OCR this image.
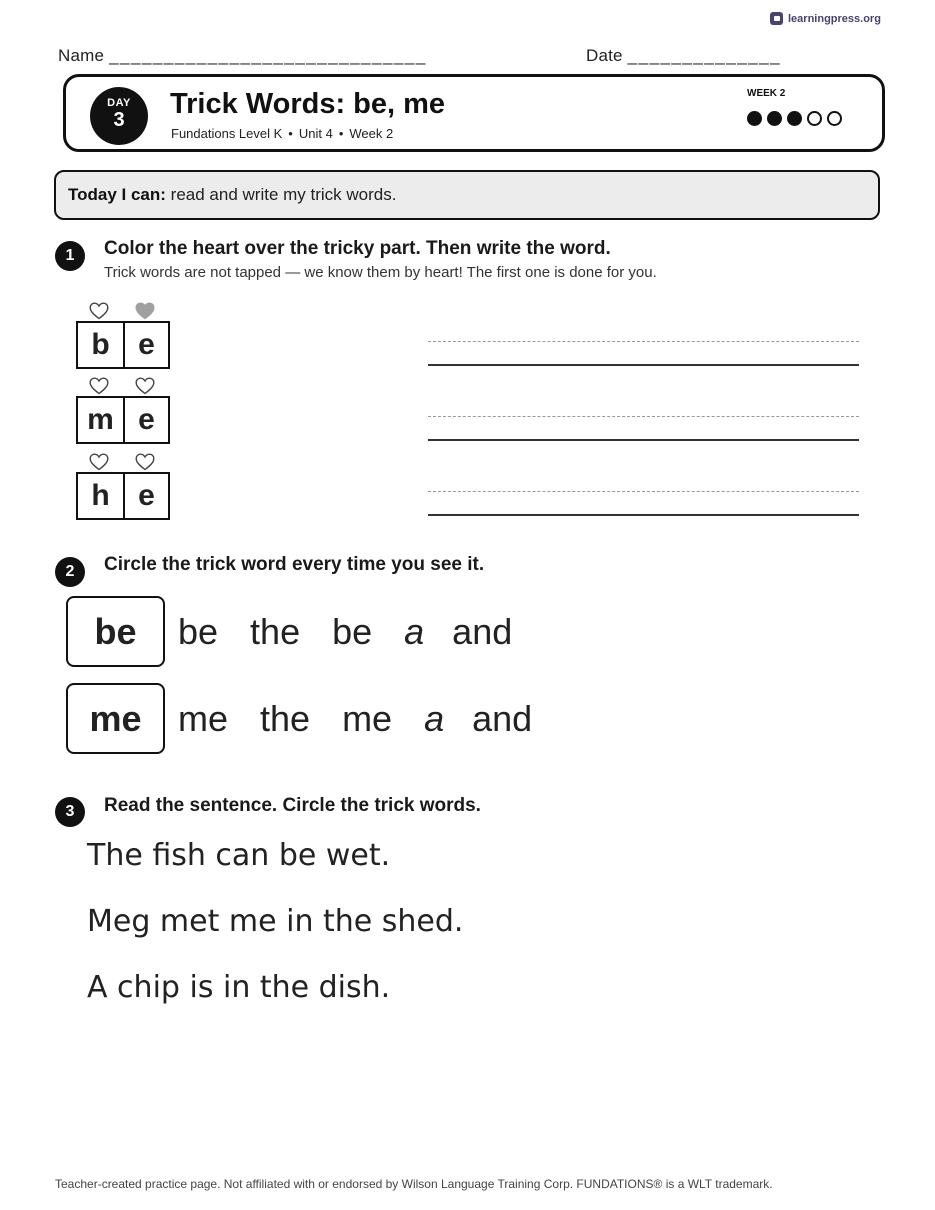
learningpress.org
Name _____________________________	Date ______________
DAY
3	Trick Words: be, me
Fundations Level K • Unit 4 • Week 2
WEEK 2
Today I can: read and write my trick words.
1	Color the heart over the tricky part. Then write the word.
Trick words are not tapped — we know them by heart! The first one is done for you.
b e
m e
h e
2	Circle the trick word every time you see it.
be	be the be a and
me	me the me a and
3	Read the sentence. Circle the trick words.
The fish can be wet.
Meg met me in the shed.
A chip is in the dish.
Teacher-created practice page. Not affiliated with or endorsed by Wilson Language Training Corp. FUNDATIONS® is a WLT trademark.
